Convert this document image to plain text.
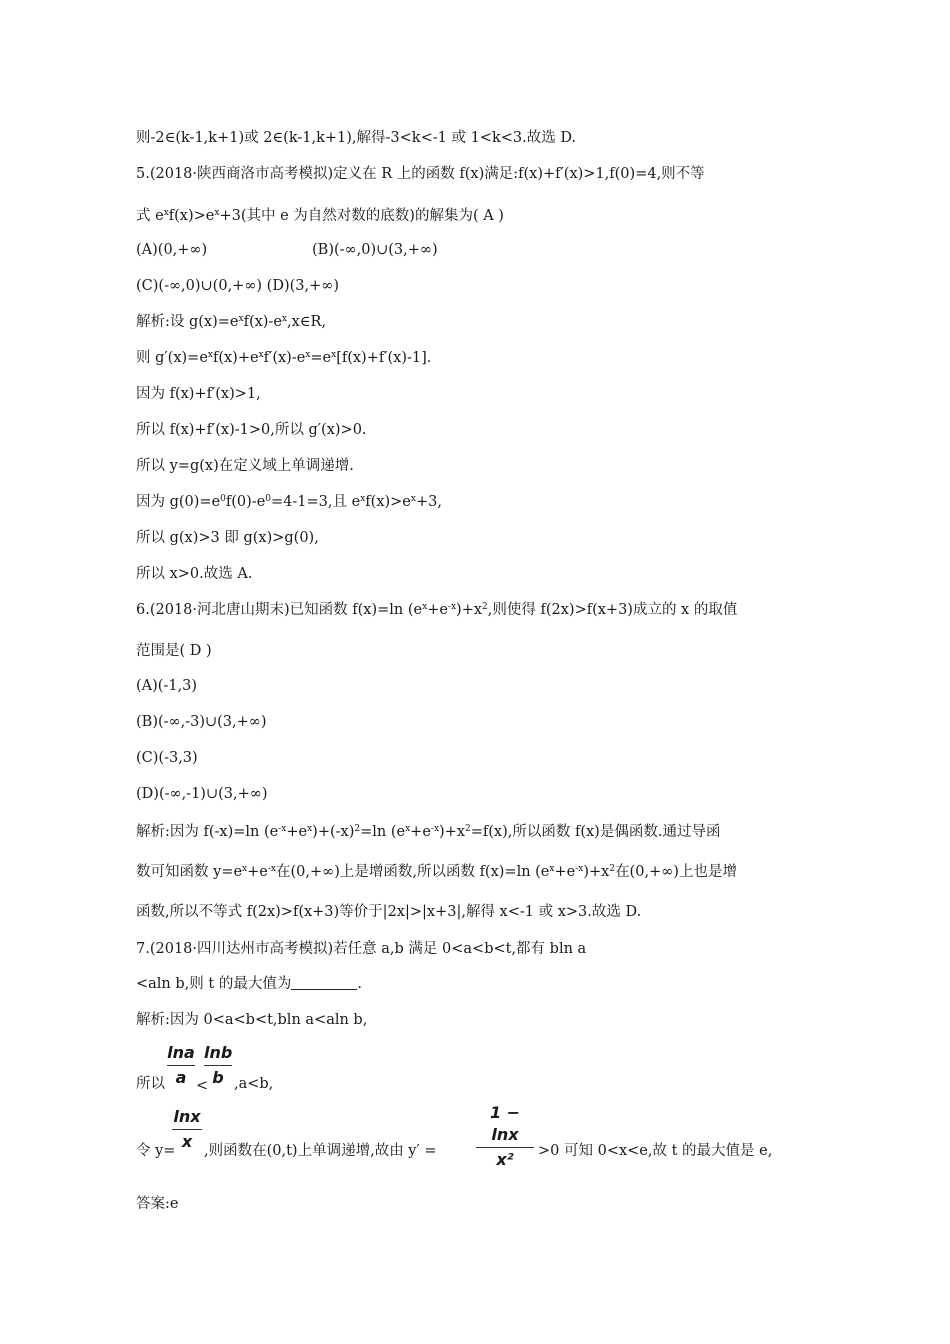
则-2∈(k-1,k+1)或 2∈(k-1,k+1),解得-3<k<-1 或 1<k<3.故选 D.
5.(2018·陕西商洛市高考模拟)定义在 R 上的函数 f(x)满足:f(x)+f′(x)>1,f(0)=4,则不等
式 $e^xf(x)>e^x+3$(其中 e 为自然对数的底数)的解集为( A )
(A)(0,+∞)	(B)(-∞,0)∪(3,+∞)
(C)(-∞,0)∪(0,+∞) (D)(3,+∞)
解析:设 $g(x)=e^xf(x)-e^x,x\in R$,
则 $g'(x)=e^xf(x)+e^xf'(x)-e^x=e^x[f(x)+f'(x)-1]$.
因为 f(x)+f′(x)>1,
所以 f(x)+f′(x)-1>0,所以 g′(x)>0.
所以 y=g(x)在定义域上单调递增.
因为 $g(0)=e^0f(0)-e^0=4-1=3$,且 $e^xf(x)>e^x+3$,
所以 g(x)>3 即 g(x)>g(0),
所以 x>0.故选 A.
6.(2018·河北唐山期末)已知函数 f(x)=ln $(e^x+e^{-x})+x^2$,则使得 f(2x)>f(x+3)成立的 x 的取值
范围是( D )
(A)(-1,3)
(B)(-∞,-3)∪(3,+∞)
(C)(-3,3)
(D)(-∞,-1)∪(3,+∞)
解析:因为 f(-x)=ln $(e^{-x}+e^x)+(-x)^2=\ln$ $(e^x+e^{-x})+x^2=f(x)$,所以函数 f(x)是偶函数.通过导函
数可知函数 $y=e^x+e^{-x}$在(0,+∞)上是增函数,所以函数 f(x)=ln $(e^x+e^{-x})+x^2$在(0,+∞)上也是增
函数,所以不等式 f(2x)>f(x+3)等价于|2x|>|x+3|,解得 x<-1 或 x>3.故选 D.
7.(2018·四川达州市高考模拟)若任意 a,b 满足 0<a<b<t,都有 bln a
<aln b,则 t 的最大值为	.
解析:因为 0<a<b<t,bln a<aln b,
所以
lna
a <
lnb
b ,a<b,
令 y=
lnx
x ,则函数在(0,t)上单调递增,故由 y′ =
1 − lnx
x²	>0 可知 0<x<e,故 t 的最大值是 e,
答案:e
